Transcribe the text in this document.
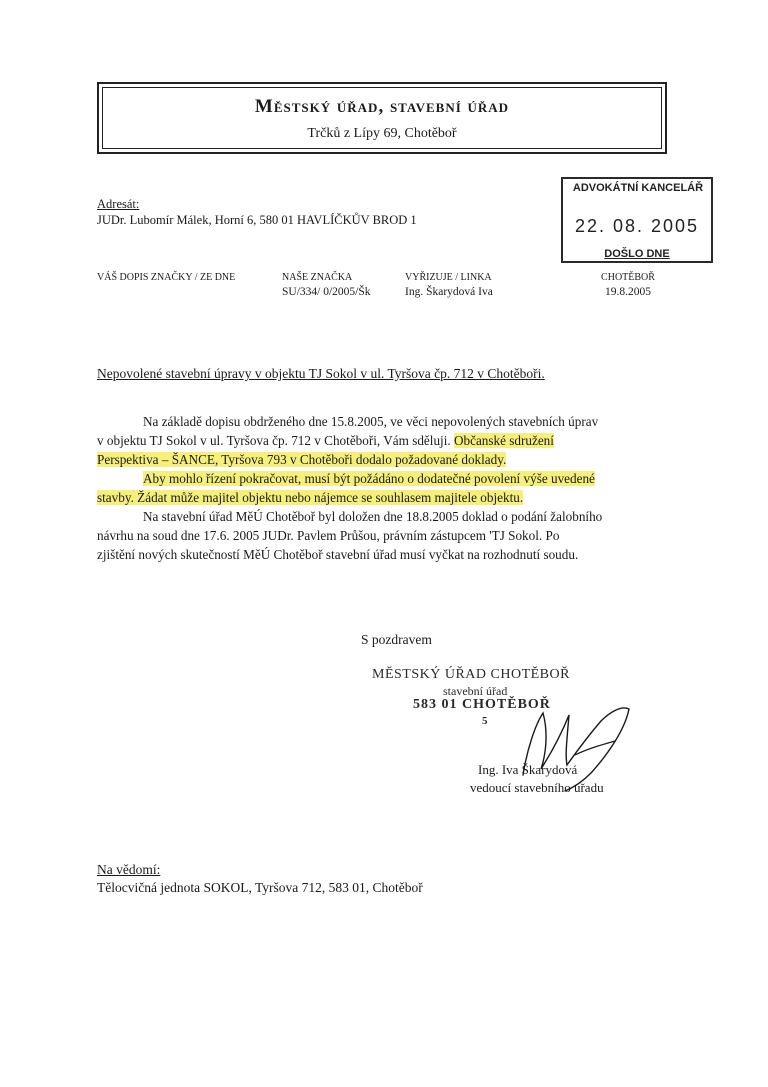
Městský úřad, stavební úřad
Trčků z Lípy 69, Chotěboř
ADVOKÁTNÍ KANCELÁŘ
22. 08. 2005
DOŠLO DNE
Adresát:
JUDr. Lubomír Málek, Horní 6, 580 01 HAVLÍČKŮV BROD 1
VÁŠ DOPIS ZNAČKY / ZE DNE	NAŠE ZNAČKA
SU/334/ 0/2005/Šk
VYŘIZUJE / LINKA
Ing. Škarydová Iva
CHOTĚBOŘ
19.8.2005
Nepovolené stavební úpravy v objektu TJ Sokol v ul. Tyršova čp. 712 v Chotěboři.
Na základě dopisu obdrženého dne 15.8.2005, ve věci nepovolených stavebních úprav
v objektu TJ Sokol v ul. Tyršova čp. 712 v Chotěboři, Vám sděluji. Občanské sdružení
Perspektiva – ŠANCE, Tyršova 793 v Chotěboři dodalo požadované doklady.
Aby mohlo řízení pokračovat, musí být požádáno o dodatečné povolení výše uvedené
stavby. Žádat může majitel objektu nebo nájemce se souhlasem majitele objektu.
Na stavební úřad MěÚ Chotěboř byl doložen dne 18.8.2005 doklad o podání žalobního
návrhu na soud dne 17.6. 2005 JUDr. Pavlem Průšou, právním zástupcem 'TJ Sokol. Po
zjištění nových skutečností MěÚ Chotěboř stavební úřad musí vyčkat na rozhodnutí soudu.
S pozdravem
MĚSTSKÝ ÚŘAD CHOTĚBOŘ
stavební úřad
583 01 CHOTĚBOŘ
5
Ing. Iva Škarydová
vedoucí stavebního úřadu
Na vědomí:
Tělocvičná jednota SOKOL, Tyršova 712, 583 01, Chotěboř
